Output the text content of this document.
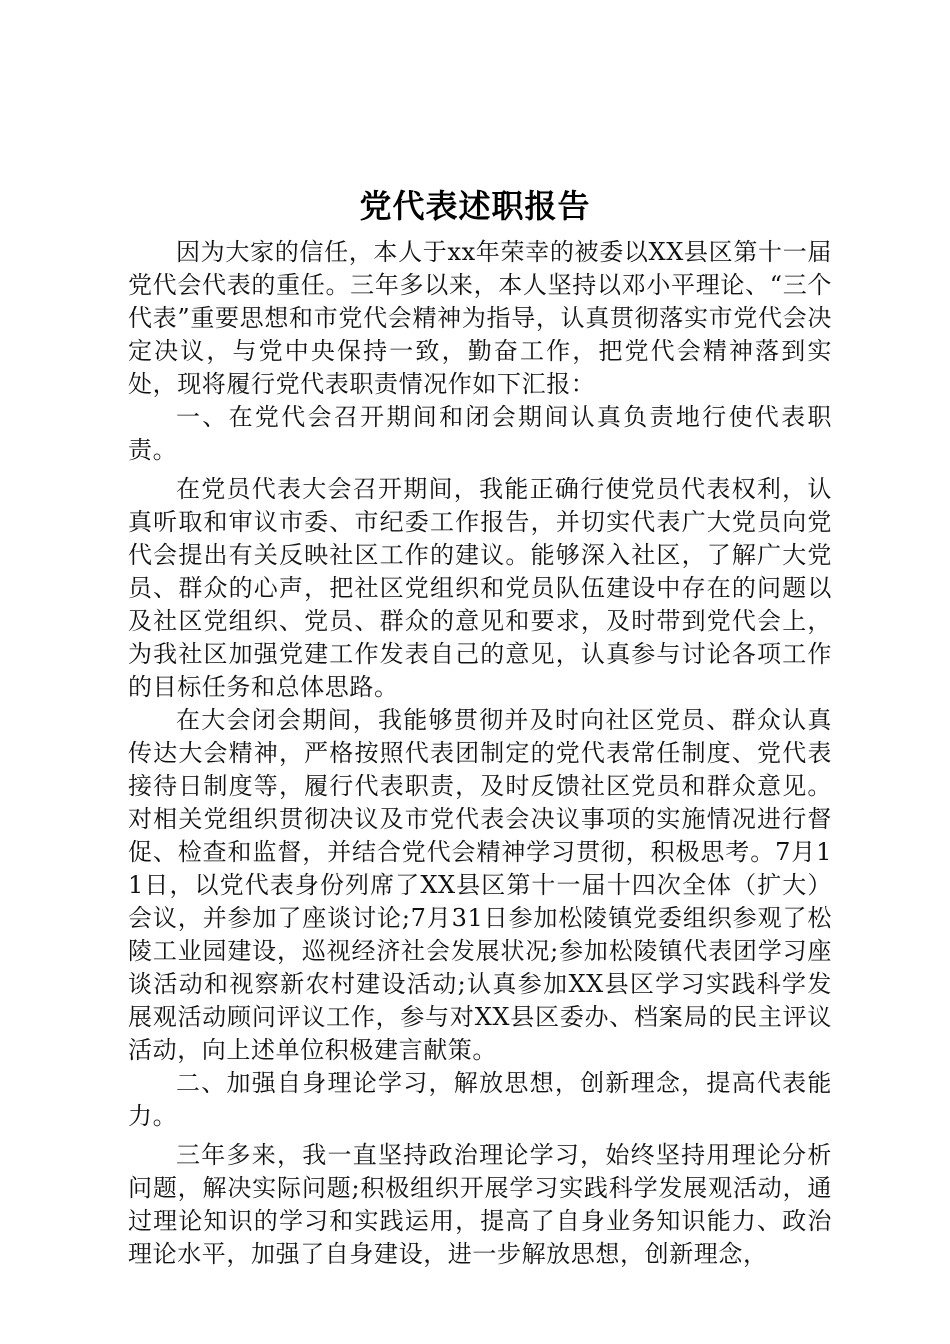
党代表述职报告

因为大家的信任，本人于xx年荣幸的被委以XX县区第十一届党代会代表的重任。三年多以来，本人坚持以邓小平理论、“三个代表”重要思想和市党代会精神为指导，认真贯彻落实市党代会决定决议，与党中央保持一致，勤奋工作，把党代会精神落到实处，现将履行党代表职责情况作如下汇报：

一、在党代会召开期间和闭会期间认真负责地行使代表职责。

在党员代表大会召开期间，我能正确行使党员代表权利，认真听取和审议市委、市纪委工作报告，并切实代表广大党员向党代会提出有关反映社区工作的建议。能够深入社区，了解广大党员、群众的心声，把社区党组织和党员队伍建设中存在的问题以及社区党组织、党员、群众的意见和要求，及时带到党代会上，为我社区加强党建工作发表自己的意见，认真参与讨论各项工作的目标任务和总体思路。

在大会闭会期间，我能够贯彻并及时向社区党员、群众认真传达大会精神，严格按照代表团制定的党代表常任制度、党代表接待日制度等，履行代表职责，及时反馈社区党员和群众意见。对相关党组织贯彻决议及市党代表会决议事项的实施情况进行督促、检查和监督，并结合党代会精神学习贯彻，积极思考。7月11日，以党代表身份列席了XX县区第十一届十四次全体（扩大）会议，并参加了座谈讨论;7月31日参加松陵镇党委组织参观了松陵工业园建设，巡视经济社会发展状况;参加松陵镇代表团学习座谈活动和视察新农村建设活动;认真参加XX县区学习实践科学发展观活动顾问评议工作，参与对XX县区委办、档案局的民主评议活动，向上述单位积极建言献策。

二、加强自身理论学习，解放思想，创新理念，提高代表能力。

三年多来，我一直坚持政治理论学习，始终坚持用理论分析问题，解决实际问题;积极组织开展学习实践科学发展观活动，通过理论知识的学习和实践运用，提高了自身业务知识能力、政治理论水平，加强了自身建设，进一步解放思想，创新理念，
